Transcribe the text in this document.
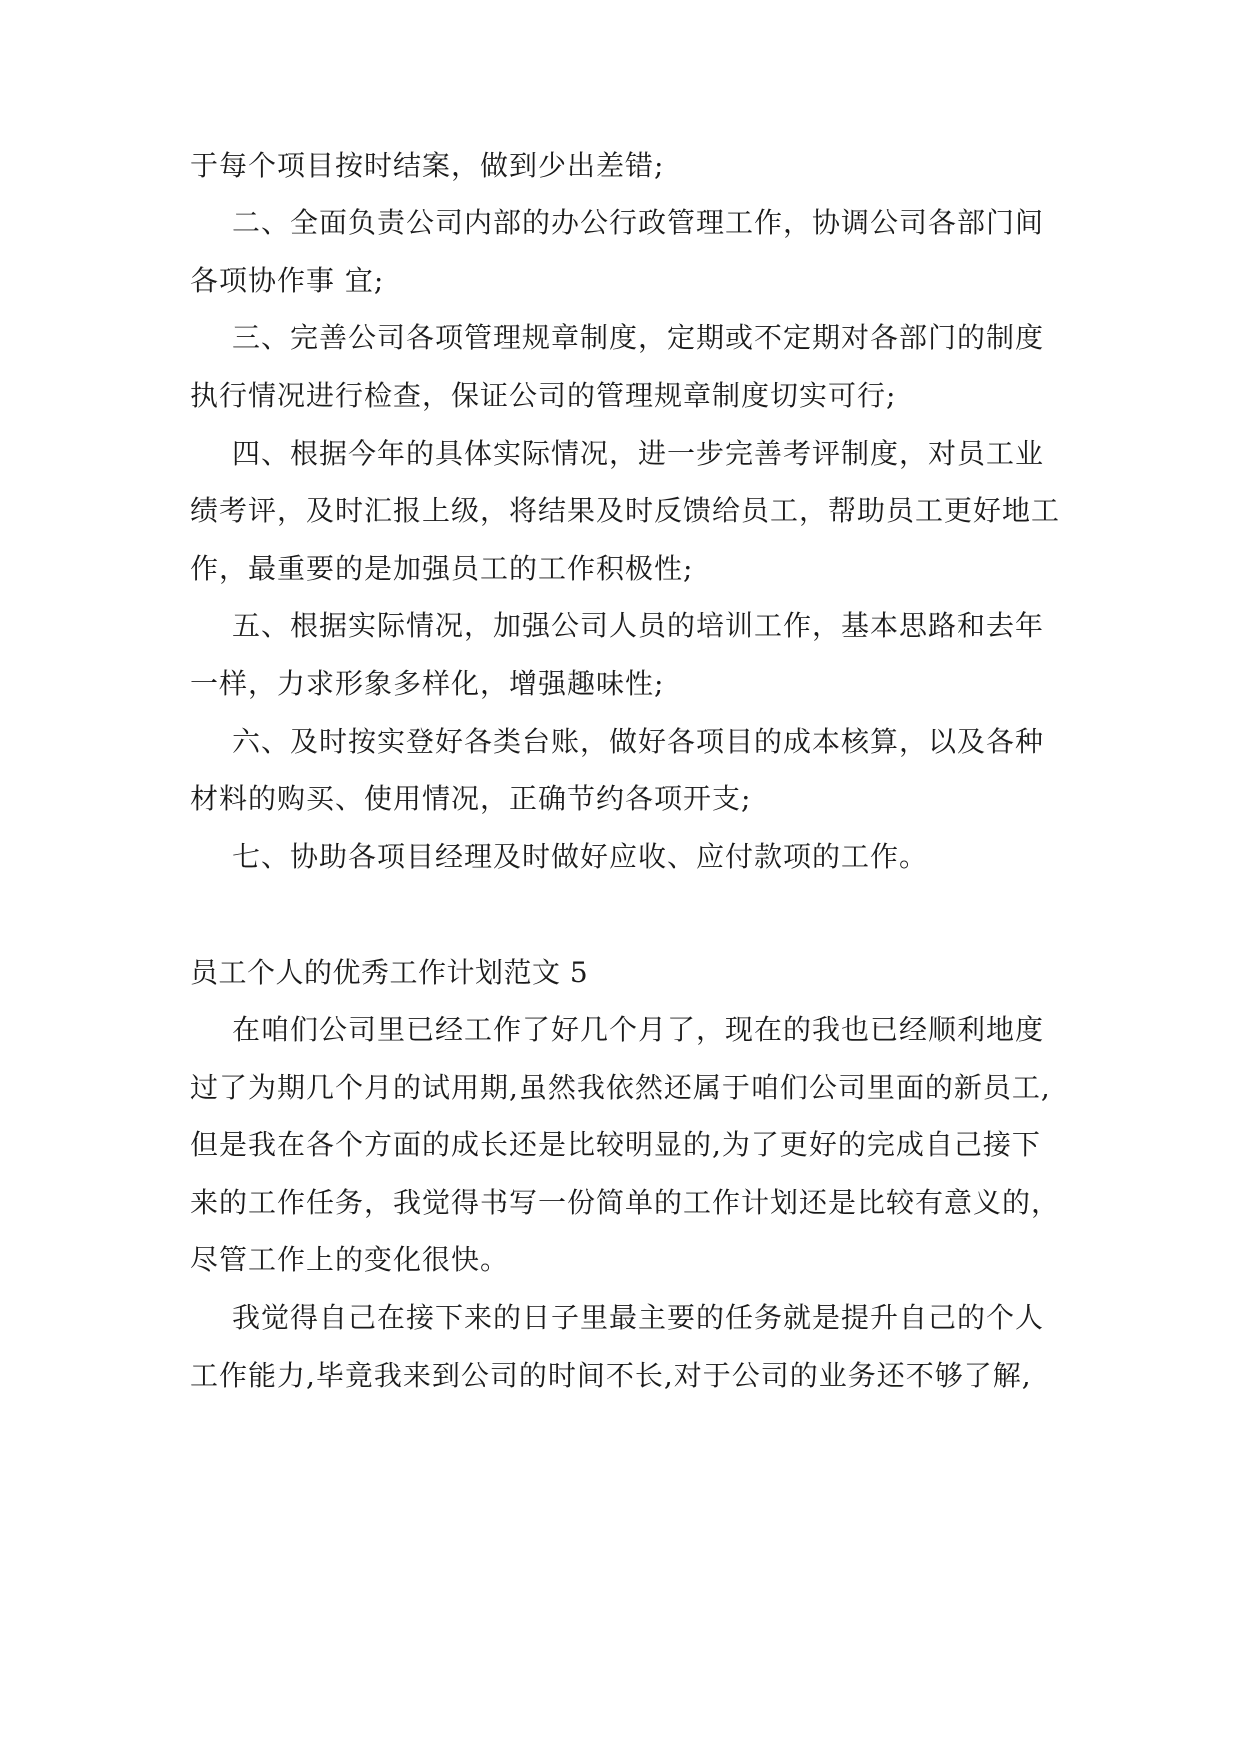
于每个项目按时结案，做到少出差错;
二、全面负责公司内部的办公行政管理工作，协调公司各部门间
各项协作事 宜;
三、完善公司各项管理规章制度，定期或不定期对各部门的制度
执行情况进行检查，保证公司的管理规章制度切实可行;
四、根据今年的具体实际情况，进一步完善考评制度，对员工业
绩考评，及时汇报上级，将结果及时反馈给员工，帮助员工更好地工
作，最重要的是加强员工的工作积极性;
五、根据实际情况，加强公司人员的培训工作，基本思路和去年
一样，力求形象多样化，增强趣味性;
六、及时按实登好各类台账，做好各项目的成本核算，以及各种
材料的购买、使用情况，正确节约各项开支;
七、协助各项目经理及时做好应收、应付款项的工作。
员工个人的优秀工作计划范文 5
在咱们公司里已经工作了好几个月了，现在的我也已经顺利地度
过了为期几个月的试用期,虽然我依然还属于咱们公司里面的新员工,
但是我在各个方面的成长还是比较明显的,为了更好的完成自己接下
来的工作任务，我觉得书写一份简单的工作计划还是比较有意义的，
尽管工作上的变化很快。
我觉得自己在接下来的日子里最主要的任务就是提升自己的个人
工作能力,毕竟我来到公司的时间不长,对于公司的业务还不够了解,
